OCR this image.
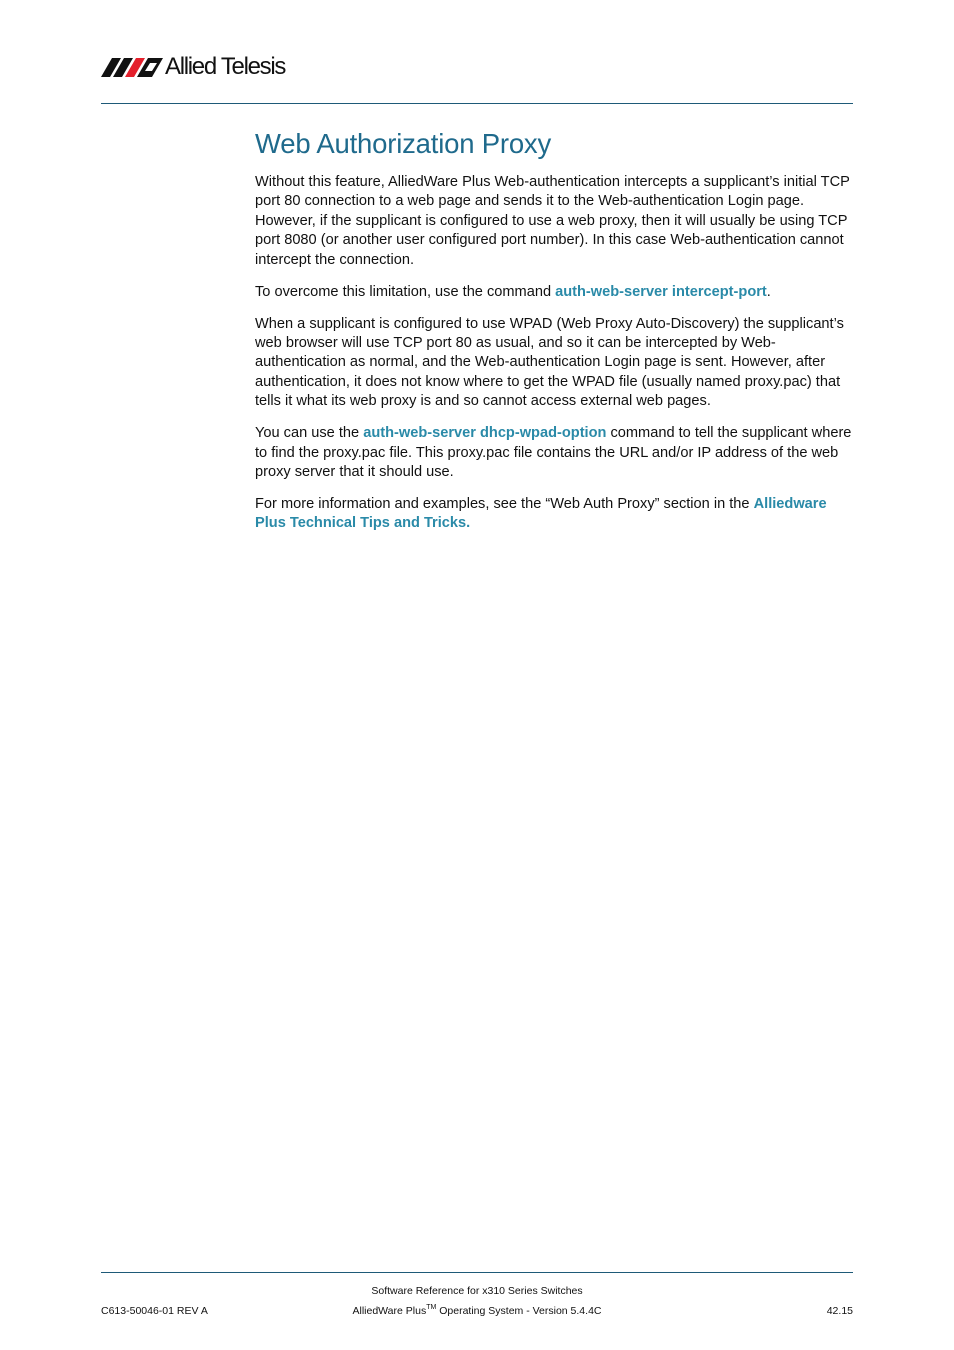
Allied Telesis
Web Authorization Proxy

Without this feature, AlliedWare Plus Web-authentication intercepts a supplicant’s initial TCP port 80 connection to a web page and sends it to the Web-authentication Login page. However, if the supplicant is configured to use a web proxy, then it will usually be using TCP port 8080 (or another user configured port number). In this case Web-authentication cannot intercept the connection.

To overcome this limitation, use the command auth-web-server intercept-port.

When a supplicant is configured to use WPAD (Web Proxy Auto-Discovery) the supplicant’s web browser will use TCP port 80 as usual, and so it can be intercepted by Web-authentication as normal, and the Web-authentication Login page is sent. However, after authentication, it does not know where to get the WPAD file (usually named proxy.pac) that tells it what its web proxy is and so cannot access external web pages.

You can use the auth-web-server dhcp-wpad-option command to tell the supplicant where to find the proxy.pac file. This proxy.pac file contains the URL and/or IP address of the web proxy server that it should use.

For more information and examples, see the “Web Auth Proxy” section in the Alliedware Plus Technical Tips and Tricks.

Software Reference for x310 Series Switches
C613-50046-01 REV A	AlliedWare Plus™ Operating System - Version 5.4.4C	42.15
